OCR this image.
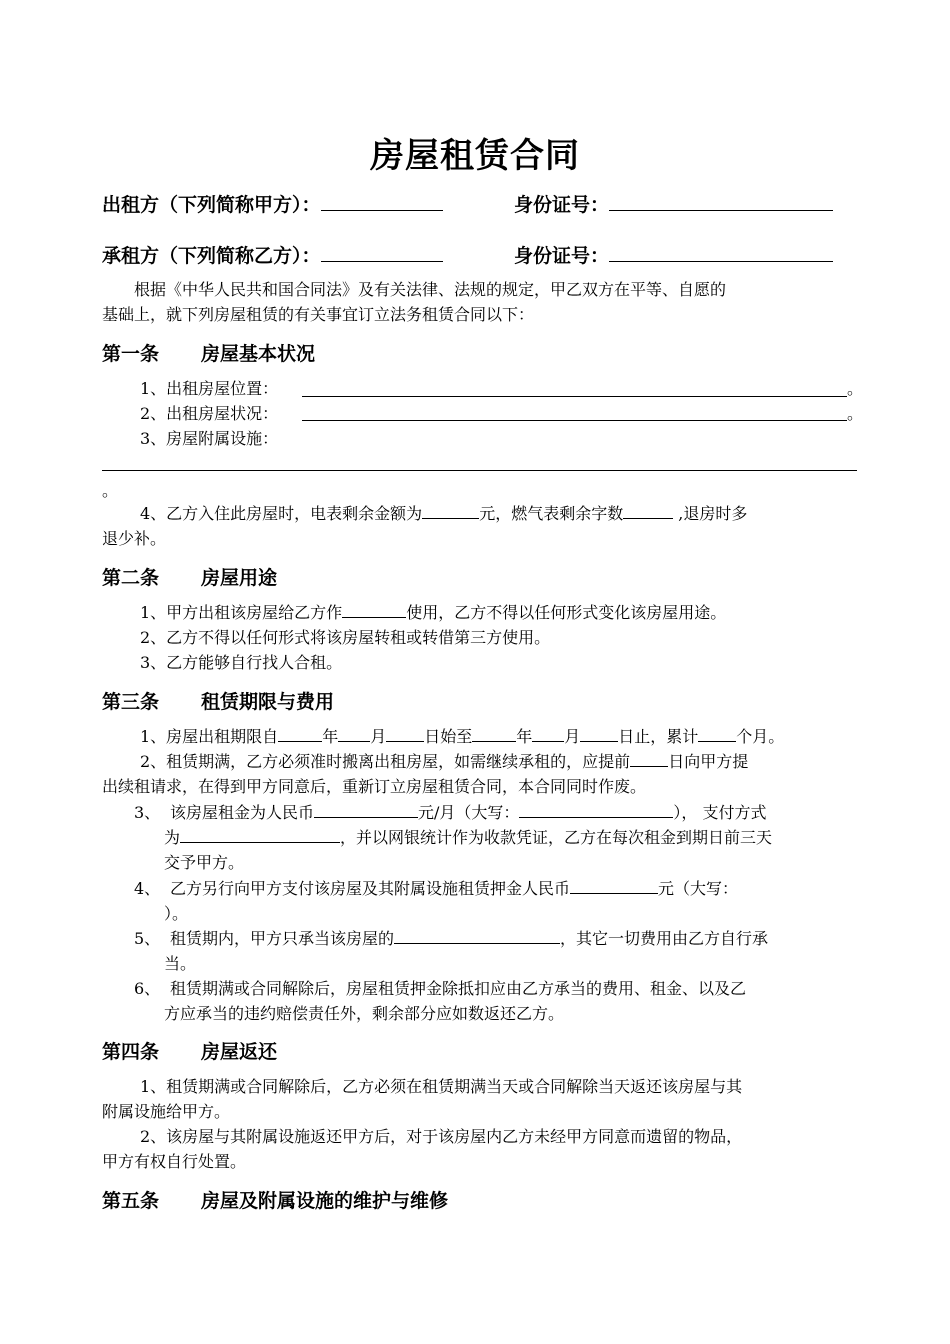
房屋租赁合同
出租方（下列简称甲方）：	身份证号：
承租方（下列简称乙方）：	身份证号：
根据《中华人民共和国合同法》及有关法律、法规的规定，甲乙双方在平等、自愿的
基础上，就下列房屋租赁的有关事宜订立法务租赁合同以下：
第一条 房屋基本状况
1、出租房屋位置：	。
2、出租房屋状况：	。
3、房屋附属设施：
。
4、乙方入住此房屋时，电表剩余金额为	元，燃气表剩余字数	,退房时多
退少补。
第二条 房屋用途
1、甲方出租该房屋给乙方作	使用，乙方不得以任何形式变化该房屋用途。
2、乙方不得以任何形式将该房屋转租或转借第三方使用。
3、乙方能够自行找人合租。
第三条 租赁期限与费用
1、房屋出租期限自	年 月 日始至	年 月 日止，累计 个月。
2、租赁期满，乙方必须准时搬离出租房屋，如需继续承租的，应提前 日向甲方提
出续租请求，在得到甲方同意后，重新订立房屋租赁合同，本合同同时作废。
3、 该房屋租金为人民币	元/月（大写：	）， 支付方式
为	，并以网银统计作为收款凭证，乙方在每次租金到期日前三天
交予甲方。
4、 乙方另行向甲方支付该房屋及其附属设施租赁押金人民币	元（大写：
）。
5、 租赁期内，甲方只承当该房屋的	，其它一切费用由乙方自行承
当。
6、 租赁期满或合同解除后，房屋租赁押金除抵扣应由乙方承当的费用、租金、以及乙
方应承当的违约赔偿责任外，剩余部分应如数返还乙方。
第四条 房屋返还
1、租赁期满或合同解除后，乙方必须在租赁期满当天或合同解除当天返还该房屋与其
附属设施给甲方。
2、该房屋与其附属设施返还甲方后，对于该房屋内乙方未经甲方同意而遗留的物品，
甲方有权自行处置。
第五条 房屋及附属设施的维护与维修
